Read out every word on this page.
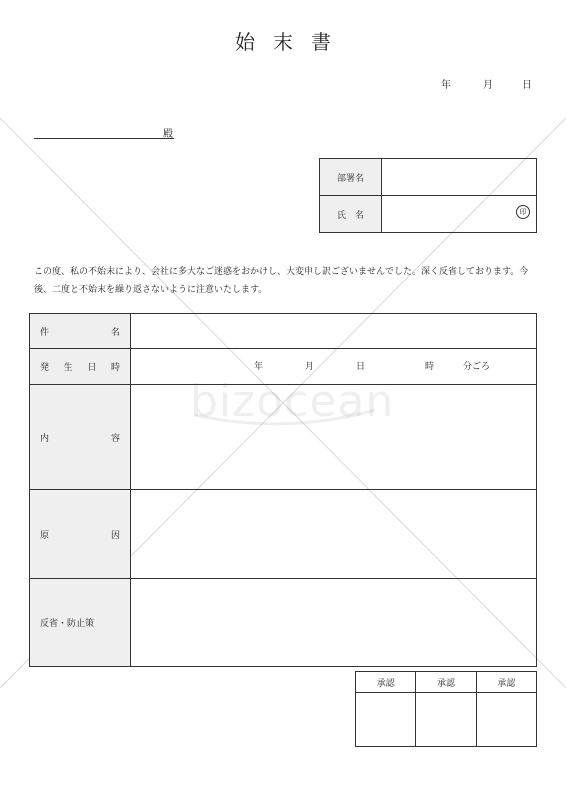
bizocean
始末書
年	月	日
殿
部署名	
氏　名		印
この度、私の不始末により、会社に多大なご迷惑をおかけし、大変申し訳ございませんでした。深く反省しております。今後、二度と不始末を繰り返さないように注意いたします。
件 名	

発 生 日 時	年 月 日 時 分ごろ

内 容	

原 因	

反省・防止策	
承認	承認	承認
